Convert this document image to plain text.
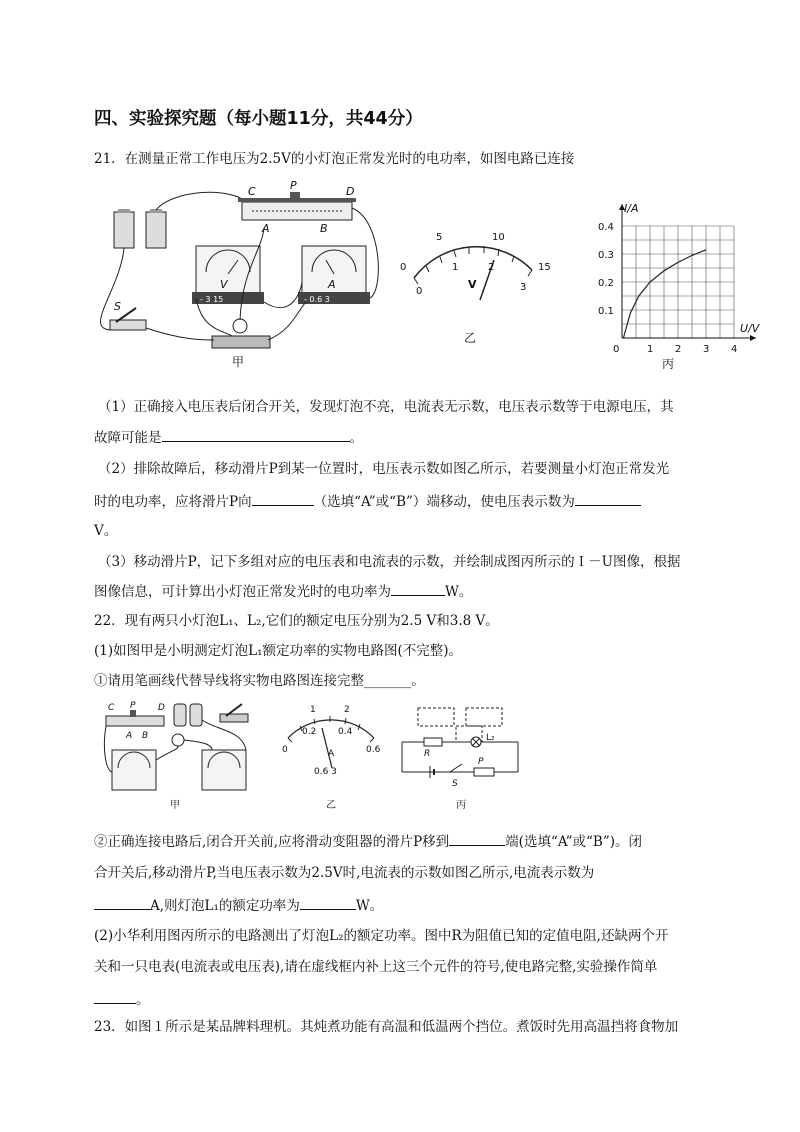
四、实验探究题（每小题11分，共44分）
21．在测量正常工作电压为2.5V的小灯泡正常发光时的电功率，如图电路已连接
C	P	D
A	B
V
- 3 15
A
- 0.6 3
S
甲
0
5	10
15
0
1	2
3
V
乙
0.4
0.3
0.2
0.1
0	1 2 3 4
I/A
U/V
丙
（1）正确接入电压表后闭合开关，发现灯泡不亮，电流表无示数，电压表示数等于电源电压，其
故障可能是	。
（2）排除故障后，移动滑片P到某一位置时，电压表示数如图乙所示，若要测量小灯泡正常发光
时的电功率，应将滑片P向	（选填“A”或“B”）端移动，使电压表示数为
V。
（3）移动滑片P，记下多组对应的电压表和电流表的示数，并绘制成图丙所示的Ｉ－U图像，根据
图像信息，可计算出小灯泡正常发光时的电功率为	W。
22．现有两只小灯泡L₁、L₂,它们的额定电压分别为2.5 V和3.8 V。
(1)如图甲是小明测定灯泡L₁额定功率的实物电路图(不完整)。
①请用笔画线代替导线将实物电路图连接完整_______。
C P	D
A B
甲
1	2
0
0.2 0.4
0.6
A
0.6 3
乙
R
L₂
S
P
丙
②正确连接电路后,闭合开关前,应将滑动变阻器的滑片P移到	端(选填“A”或“B”)。闭
合开关后,移动滑片P,当电压表示数为2.5V时,电流表的示数如图乙所示,电流表示数为
A,则灯泡L₁的额定功率为	W。
(2)小华利用图丙所示的电路测出了灯泡L₂的额定功率。图中R为阻值已知的定值电阻,还缺两个开
关和一只电表(电流表或电压表),请在虚线框内补上这三个元件的符号,使电路完整,实验操作简单
。
23．如图１所示是某品牌料理机。其炖煮功能有高温和低温两个挡位。煮饭时先用高温挡将食物加
